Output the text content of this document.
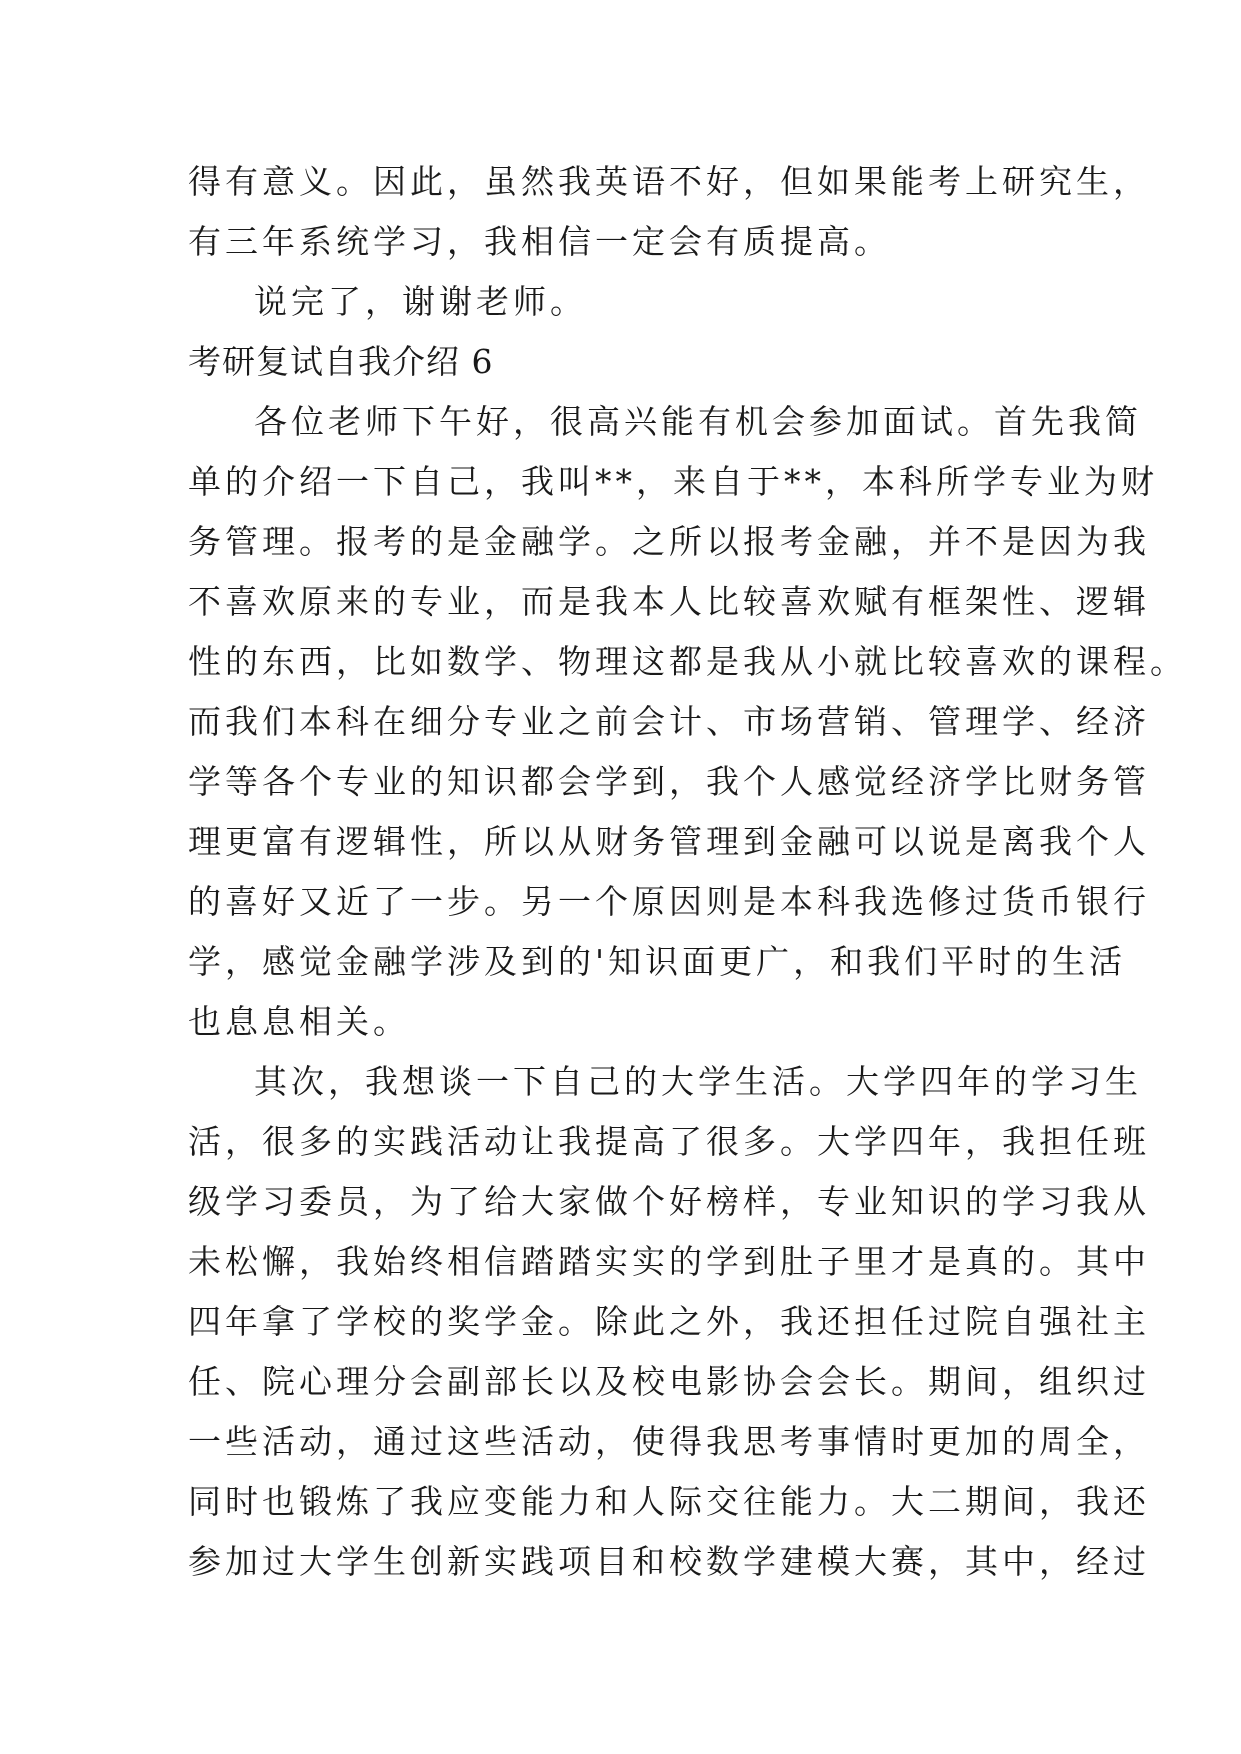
得有意义。因此，虽然我英语不好，但如果能考上研究生，
有三年系统学习，我相信一定会有质提高。
说完了，谢谢老师。
考研复试自我介绍 6
各位老师下午好，很高兴能有机会参加面试。首先我简
单的介绍一下自己，我叫**，来自于**，本科所学专业为财
务管理。报考的是金融学。之所以报考金融，并不是因为我
不喜欢原来的专业，而是我本人比较喜欢赋有框架性、逻辑
性的东西，比如数学、物理这都是我从小就比较喜欢的课程。
而我们本科在细分专业之前会计、市场营销、管理学、经济
学等各个专业的知识都会学到，我个人感觉经济学比财务管
理更富有逻辑性，所以从财务管理到金融可以说是离我个人
的喜好又近了一步。另一个原因则是本科我选修过货币银行
学，感觉金融学涉及到的'知识面更广，和我们平时的生活
也息息相关。
其次，我想谈一下自己的大学生活。大学四年的学习生
活，很多的实践活动让我提高了很多。大学四年，我担任班
级学习委员，为了给大家做个好榜样，专业知识的学习我从
未松懈，我始终相信踏踏实实的学到肚子里才是真的。其中
四年拿了学校的奖学金。除此之外，我还担任过院自强社主
任、院心理分会副部长以及校电影协会会长。期间，组织过
一些活动，通过这些活动，使得我思考事情时更加的周全，
同时也锻炼了我应变能力和人际交往能力。大二期间，我还
参加过大学生创新实践项目和校数学建模大赛，其中，经过
